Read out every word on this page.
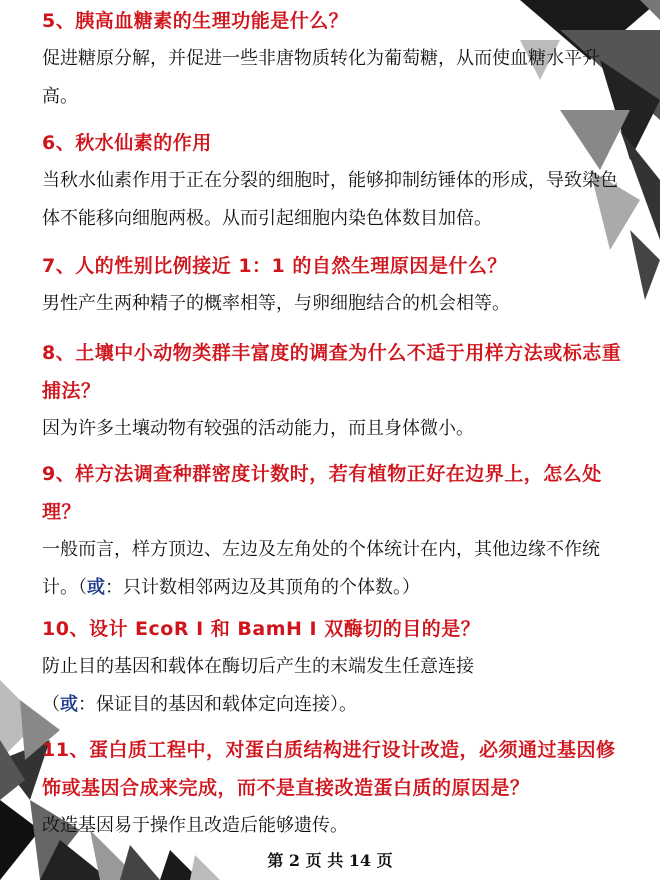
5、胰高血糖素的生理功能是什么？

促进糖原分解，并促进一些非唐物质转化为葡萄糖，从而使血糖水平升高。

6、秋水仙素的作用

当秋水仙素作用于正在分裂的细胞时，能够抑制纺锤体的形成，导致染色体不能移向细胞两极。从而引起细胞内染色体数目加倍。

7、人的性别比例接近 1：1 的自然生理原因是什么？

男性产生两种精子的概率相等，与卵细胞结合的机会相等。

8、土壤中小动物类群丰富度的调查为什么不适于用样方法或标志重捕法？

因为许多土壤动物有较强的活动能力，而且身体微小。

9、样方法调查种群密度计数时，若有植物正好在边界上，怎么处理？

一般而言，样方顶边、左边及左角处的个体统计在内，其他边缘不作统计。（或：只计数相邻两边及其顶角的个体数。）

10、设计 EcoR I 和 BamH I 双酶切的目的是？

防止目的基因和载体在酶切后产生的末端发生任意连接

（或：保证目的基因和载体定向连接）。

11、蛋白质工程中，对蛋白质结构进行设计改造，必须通过基因修饰或基因合成来完成，而不是直接改造蛋白质的原因是？

改造基因易于操作且改造后能够遗传。

第 2 页 共 14 页
